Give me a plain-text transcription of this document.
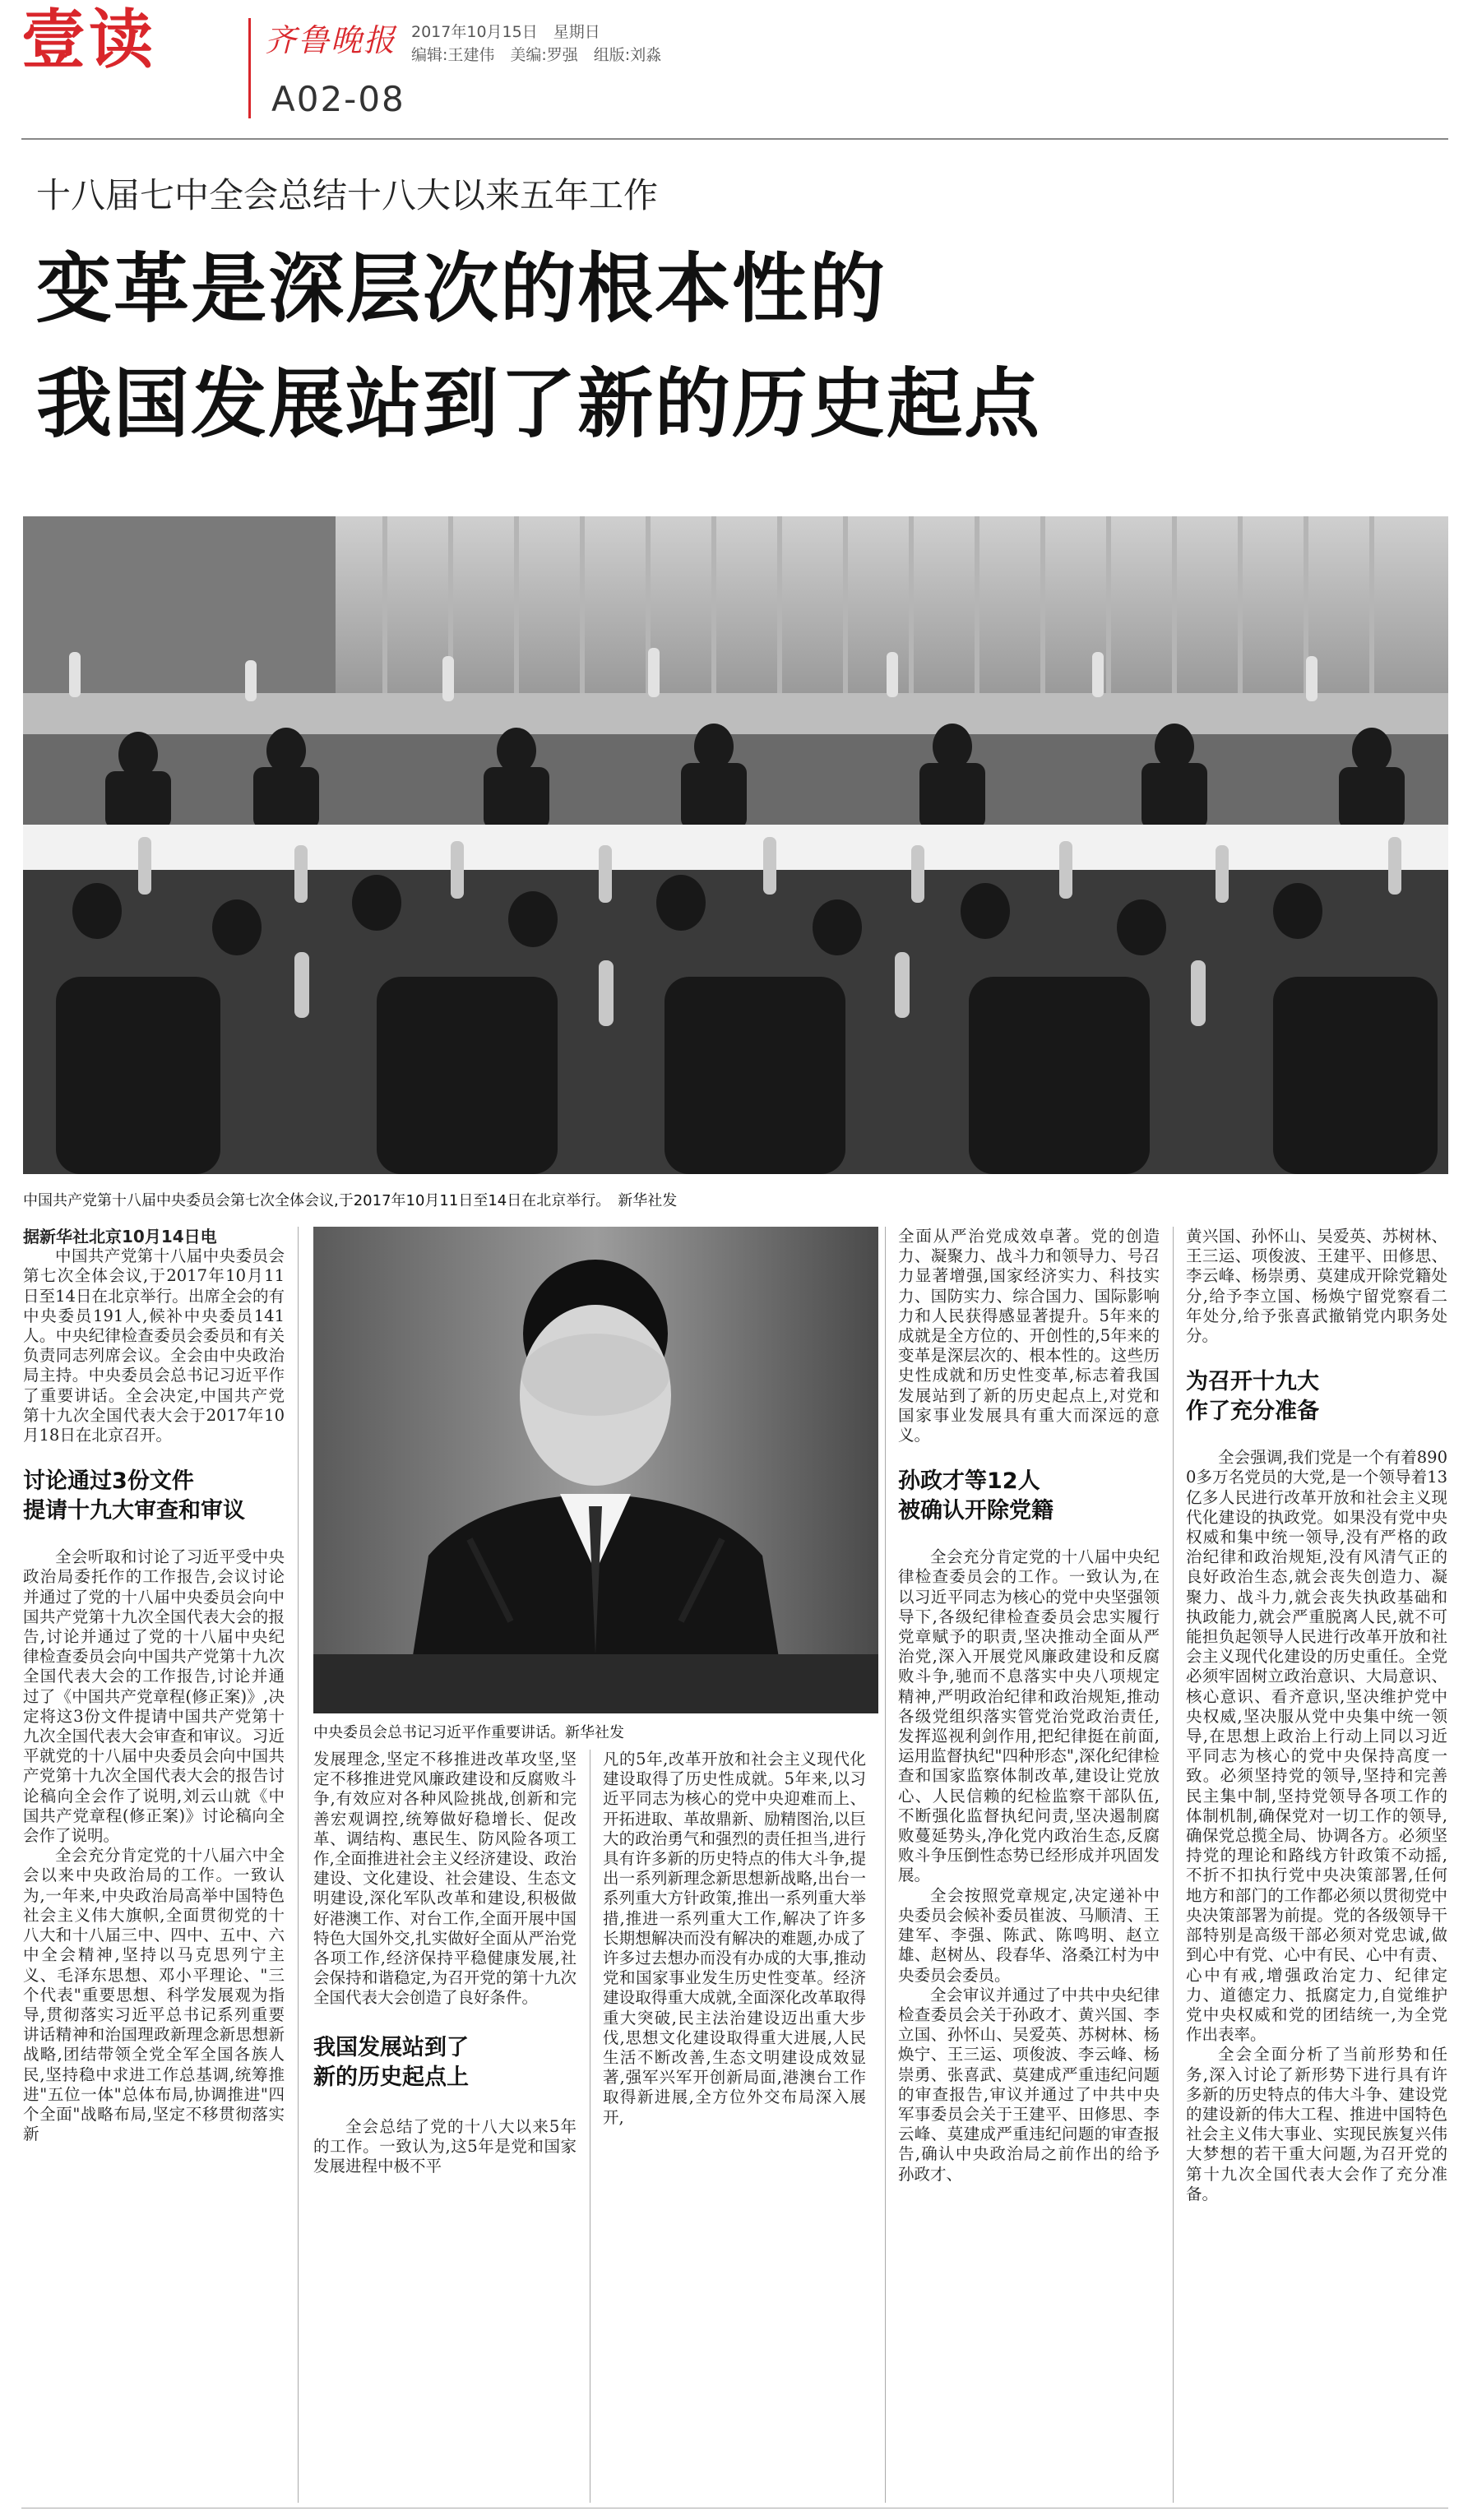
壹读	齐鲁晚报 2017年10月15日　星期日
编辑:王建伟　美编:罗强　组版:刘淼
A02-08
十八届七中全会总结十八大以来五年工作
变革是深层次的根本性的
我国发展站到了新的历史起点
中国共产党第十八届中央委员会第七次全体会议,于2017年10月11日至14日在北京举行。　新华社发

据新华社北京10月14日电

中国共产党第十八届中央委员会第七次全体会议,于2017年10月11日至14日在北京举行。出席全会的有中央委员191人,候补中央委员141人。中央纪律检查委员会委员和有关负责同志列席会议。全会由中央政治局主持。中央委员会总书记习近平作了重要讲话。全会决定,中国共产党第十九次全国代表大会于2017年10月18日在北京召开。

讨论通过3份文件
提请十九大审查和审议

全会听取和讨论了习近平受中央政治局委托作的工作报告,会议讨论并通过了党的十八届中央委员会向中国共产党第十九次全国代表大会的报告,讨论并通过了党的十八届中央纪律检查委员会向中国共产党第十九次全国代表大会的工作报告,讨论并通过了《中国共产党章程(修正案)》,决定将这3份文件提请中国共产党第十九次全国代表大会审查和审议。习近平就党的十八届中央委员会向中国共产党第十九次全国代表大会的报告讨论稿向全会作了说明,刘云山就《中国共产党章程(修正案)》讨论稿向全会作了说明。

全会充分肯定党的十八届六中全会以来中央政治局的工作。一致认为,一年来,中央政治局高举中国特色社会主义伟大旗帜,全面贯彻党的十八大和十八届三中、四中、五中、六中全会精神,坚持以马克思列宁主义、毛泽东思想、邓小平理论、"三个代表"重要思想、科学发展观为指导,贯彻落实习近平总书记系列重要讲话精神和治国理政新理念新思想新战略,团结带领全党全军全国各族人民,坚持稳中求进工作总基调,统筹推进"五位一体"总体布局,协调推进"四个全面"战略布局,坚定不移贯彻落实新

中央委员会总书记习近平作重要讲话。新华社发

发展理念,坚定不移推进改革攻坚,坚定不移推进党风廉政建设和反腐败斗争,有效应对各种风险挑战,创新和完善宏观调控,统筹做好稳增长、促改革、调结构、惠民生、防风险各项工作,全面推进社会主义经济建设、政治建设、文化建设、社会建设、生态文明建设,深化军队改革和建设,积极做好港澳工作、对台工作,全面开展中国特色大国外交,扎实做好全面从严治党各项工作,经济保持平稳健康发展,社会保持和谐稳定,为召开党的第十九次全国代表大会创造了良好条件。

我国发展站到了
新的历史起点上

全会总结了党的十八大以来5年的工作。一致认为,这5年是党和国家发展进程中极不平

凡的5年,改革开放和社会主义现代化建设取得了历史性成就。5年来,以习近平同志为核心的党中央迎难而上、开拓进取、革故鼎新、励精图治,以巨大的政治勇气和强烈的责任担当,进行具有许多新的历史特点的伟大斗争,提出一系列新理念新思想新战略,出台一系列重大方针政策,推出一系列重大举措,推进一系列重大工作,解决了许多长期想解决而没有解决的难题,办成了许多过去想办而没有办成的大事,推动党和国家事业发生历史性变革。经济建设取得重大成就,全面深化改革取得重大突破,民主法治建设迈出重大步伐,思想文化建设取得重大进展,人民生活不断改善,生态文明建设成效显著,强军兴军开创新局面,港澳台工作取得新进展,全方位外交布局深入展开,

全面从严治党成效卓著。党的创造力、凝聚力、战斗力和领导力、号召力显著增强,国家经济实力、科技实力、国防实力、综合国力、国际影响力和人民获得感显著提升。5年来的成就是全方位的、开创性的,5年来的变革是深层次的、根本性的。这些历史性成就和历史性变革,标志着我国发展站到了新的历史起点上,对党和国家事业发展具有重大而深远的意义。

孙政才等12人
被确认开除党籍

全会充分肯定党的十八届中央纪律检查委员会的工作。一致认为,在以习近平同志为核心的党中央坚强领导下,各级纪律检查委员会忠实履行党章赋予的职责,坚决推动全面从严治党,深入开展党风廉政建设和反腐败斗争,驰而不息落实中央八项规定精神,严明政治纪律和政治规矩,推动各级党组织落实管党治党政治责任,发挥巡视利剑作用,把纪律挺在前面,运用监督执纪"四种形态",深化纪律检查和国家监察体制改革,建设让党放心、人民信赖的纪检监察干部队伍,不断强化监督执纪问责,坚决遏制腐败蔓延势头,净化党内政治生态,反腐败斗争压倒性态势已经形成并巩固发展。

全会按照党章规定,决定递补中央委员会候补委员崔波、马顺清、王建军、李强、陈武、陈鸣明、赵立雄、赵树丛、段春华、洛桑江村为中央委员会委员。

全会审议并通过了中共中央纪律检查委员会关于孙政才、黄兴国、李立国、孙怀山、吴爱英、苏树林、杨焕宁、王三运、项俊波、李云峰、杨崇勇、张喜武、莫建成严重违纪问题的审查报告,审议并通过了中共中央军事委员会关于王建平、田修思、李云峰、莫建成严重违纪问题的审查报告,确认中央政治局之前作出的给予孙政才、

黄兴国、孙怀山、吴爱英、苏树林、王三运、项俊波、王建平、田修思、李云峰、杨崇勇、莫建成开除党籍处分,给予李立国、杨焕宁留党察看二年处分,给予张喜武撤销党内职务处分。

为召开十九大
作了充分准备

全会强调,我们党是一个有着8900多万名党员的大党,是一个领导着13亿多人民进行改革开放和社会主义现代化建设的执政党。如果没有党中央权威和集中统一领导,没有严格的政治纪律和政治规矩,没有风清气正的良好政治生态,就会丧失创造力、凝聚力、战斗力,就会丧失执政基础和执政能力,就会严重脱离人民,就不可能担负起领导人民进行改革开放和社会主义现代化建设的历史重任。全党必须牢固树立政治意识、大局意识、核心意识、看齐意识,坚决维护党中央权威,坚决服从党中央集中统一领导,在思想上政治上行动上同以习近平同志为核心的党中央保持高度一致。必须坚持党的领导,坚持和完善民主集中制,坚持党领导各项工作的体制机制,确保党对一切工作的领导,确保党总揽全局、协调各方。必须坚持党的理论和路线方针政策不动摇,不折不扣执行党中央决策部署,任何地方和部门的工作都必须以贯彻党中央决策部署为前提。党的各级领导干部特别是高级干部必须对党忠诚,做到心中有党、心中有民、心中有责、心中有戒,增强政治定力、纪律定力、道德定力、抵腐定力,自觉维护党中央权威和党的团结统一,为全党作出表率。

全会全面分析了当前形势和任务,深入讨论了新形势下进行具有许多新的历史特点的伟大斗争、建设党的建设新的伟大工程、推进中国特色社会主义伟大事业、实现民族复兴伟大梦想的若干重大问题,为召开党的第十九次全国代表大会作了充分准备。
